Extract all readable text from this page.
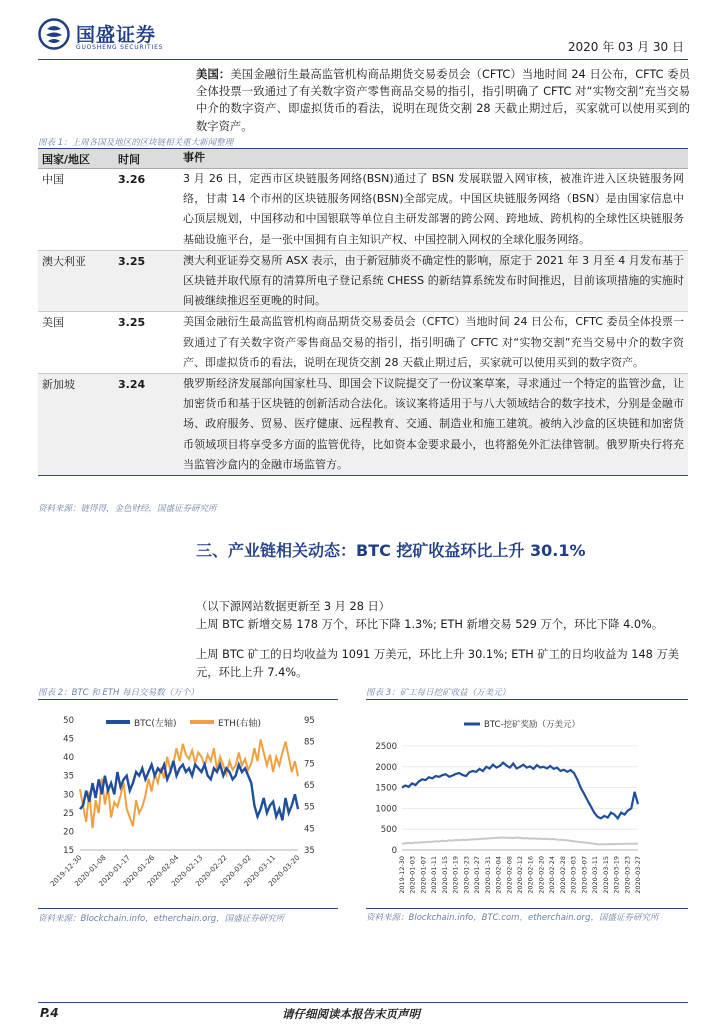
国盛证券
GUOSHENG SECURITIES	2020 年 03 月 30 日
美国：美国金融衍生最高监管机构商品期货交易委员会（CFTC）当地时间 24 日公布，CFTC 委员全体投票一致通过了有关数字资产零售商品交易的指引，指引明确了 CFTC 对“实物交割”充当交易中介的数字资产、即虚拟货币的看法，说明在现货交割 28 天截止期过后，买家就可以使用买到的数字资产。
图表 1：上周各国及地区的区块链相关重大新闻整理
国家/地区	时间	事件
中国	3.26	3 月 26 日，定西市区块链服务网络(BSN)通过了 BSN 发展联盟入网审核，被准许进入区块链服务网络，甘肃 14 个市州的区块链服务网络(BSN)全部完成。中国区块链服务网络（BSN）是由国家信息中心顶层规划，中国移动和中国银联等单位自主研发部署的跨公网、跨地域、跨机构的全球性区块链服务基础设施平台，是一张中国拥有自主知识产权、中国控制入网权的全球化服务网络。
澳大利亚	3.25	澳大利亚证券交易所 ASX 表示，由于新冠肺炎不确定性的影响，原定于 2021 年 3 月至 4 月发布基于区块链并取代原有的清算所电子登记系统 CHESS 的新结算系统发布时间推迟，目前该项措施的实施时间被继续推迟至更晚的时间。
美国	3.25	美国金融衍生最高监管机构商品期货交易委员会（CFTC）当地时间 24 日公布，CFTC 委员全体投票一致通过了有关数字资产零售商品交易的指引，指引明确了 CFTC 对“实物交割”充当交易中介的数字资产、即虚拟货币的看法，说明在现货交割 28 天截止期过后，买家就可以使用买到的数字资产。
新加坡	3.24	俄罗斯经济发展部向国家杜马、即国会下议院提交了一份议案草案，寻求通过一个特定的监管沙盒，让加密货币和基于区块链的创新活动合法化。该议案将适用于与八大领域结合的数字技术，分别是金融市场、政府服务、贸易、医疗健康、远程教育、交通、制造业和施工建筑。被纳入沙盒的区块链和加密货币领域项目将享受多方面的监管优待，比如资本金要求最小，也将豁免外汇法律管制。俄罗斯央行将充当监管沙盒内的金融市场监管方。
资料来源：链得得，金色财经，国盛证券研究所
三、产业链相关动态：BTC 挖矿收益环比上升 30.1%
（以下源网站数据更新至 3 月 28 日）
上周 BTC 新增交易 178 万个，环比下降 1.3%; ETH 新增交易 529 万个，环比下降 4.0%。
上周 BTC 矿工的日均收益为 1091 万美元，环比上升 30.1%; ETH 矿工的日均收益为 148 万美元，环比上升 7.4%。
图表 2：BTC 和 ETH 每日交易数（万个）
50
45
40
35
30
25
20
15
95
85
75
65
55
45
35
2019-12-30
2020-01-08
2020-01-17
2020-01-26
2020-02-04
2020-02-13
2020-02-22
2020-03-02
2020-03-11
2020-03-20
BTC(左轴)	ETH(右轴)
资料来源：Blockchain.info，etherchain.org，国盛证券研究所
图表 3：矿工每日挖矿收益（万美元）
2500
2000
1500
1000
500
0
2019-12-30 2020-01-03 2020-01-07 2020-01-11 2020-01-15 2020-01-19 2020-01-23 2020-01-27 2020-01-31 2020-02-04 2020-02-08 2020-02-12 2020-02-16 2020-02-20 2020-02-24 2020-02-28 2020-03-03 2020-03-07 2020-03-11 2020-03-15 2020-03-19 2020-03-23 2020-03-27
BTC-挖矿奖励（万美元）
资料来源：Blockchain.info，BTC.com，etherchain.org，国盛证券研究所
P.4	请仔细阅读本报告末页声明
